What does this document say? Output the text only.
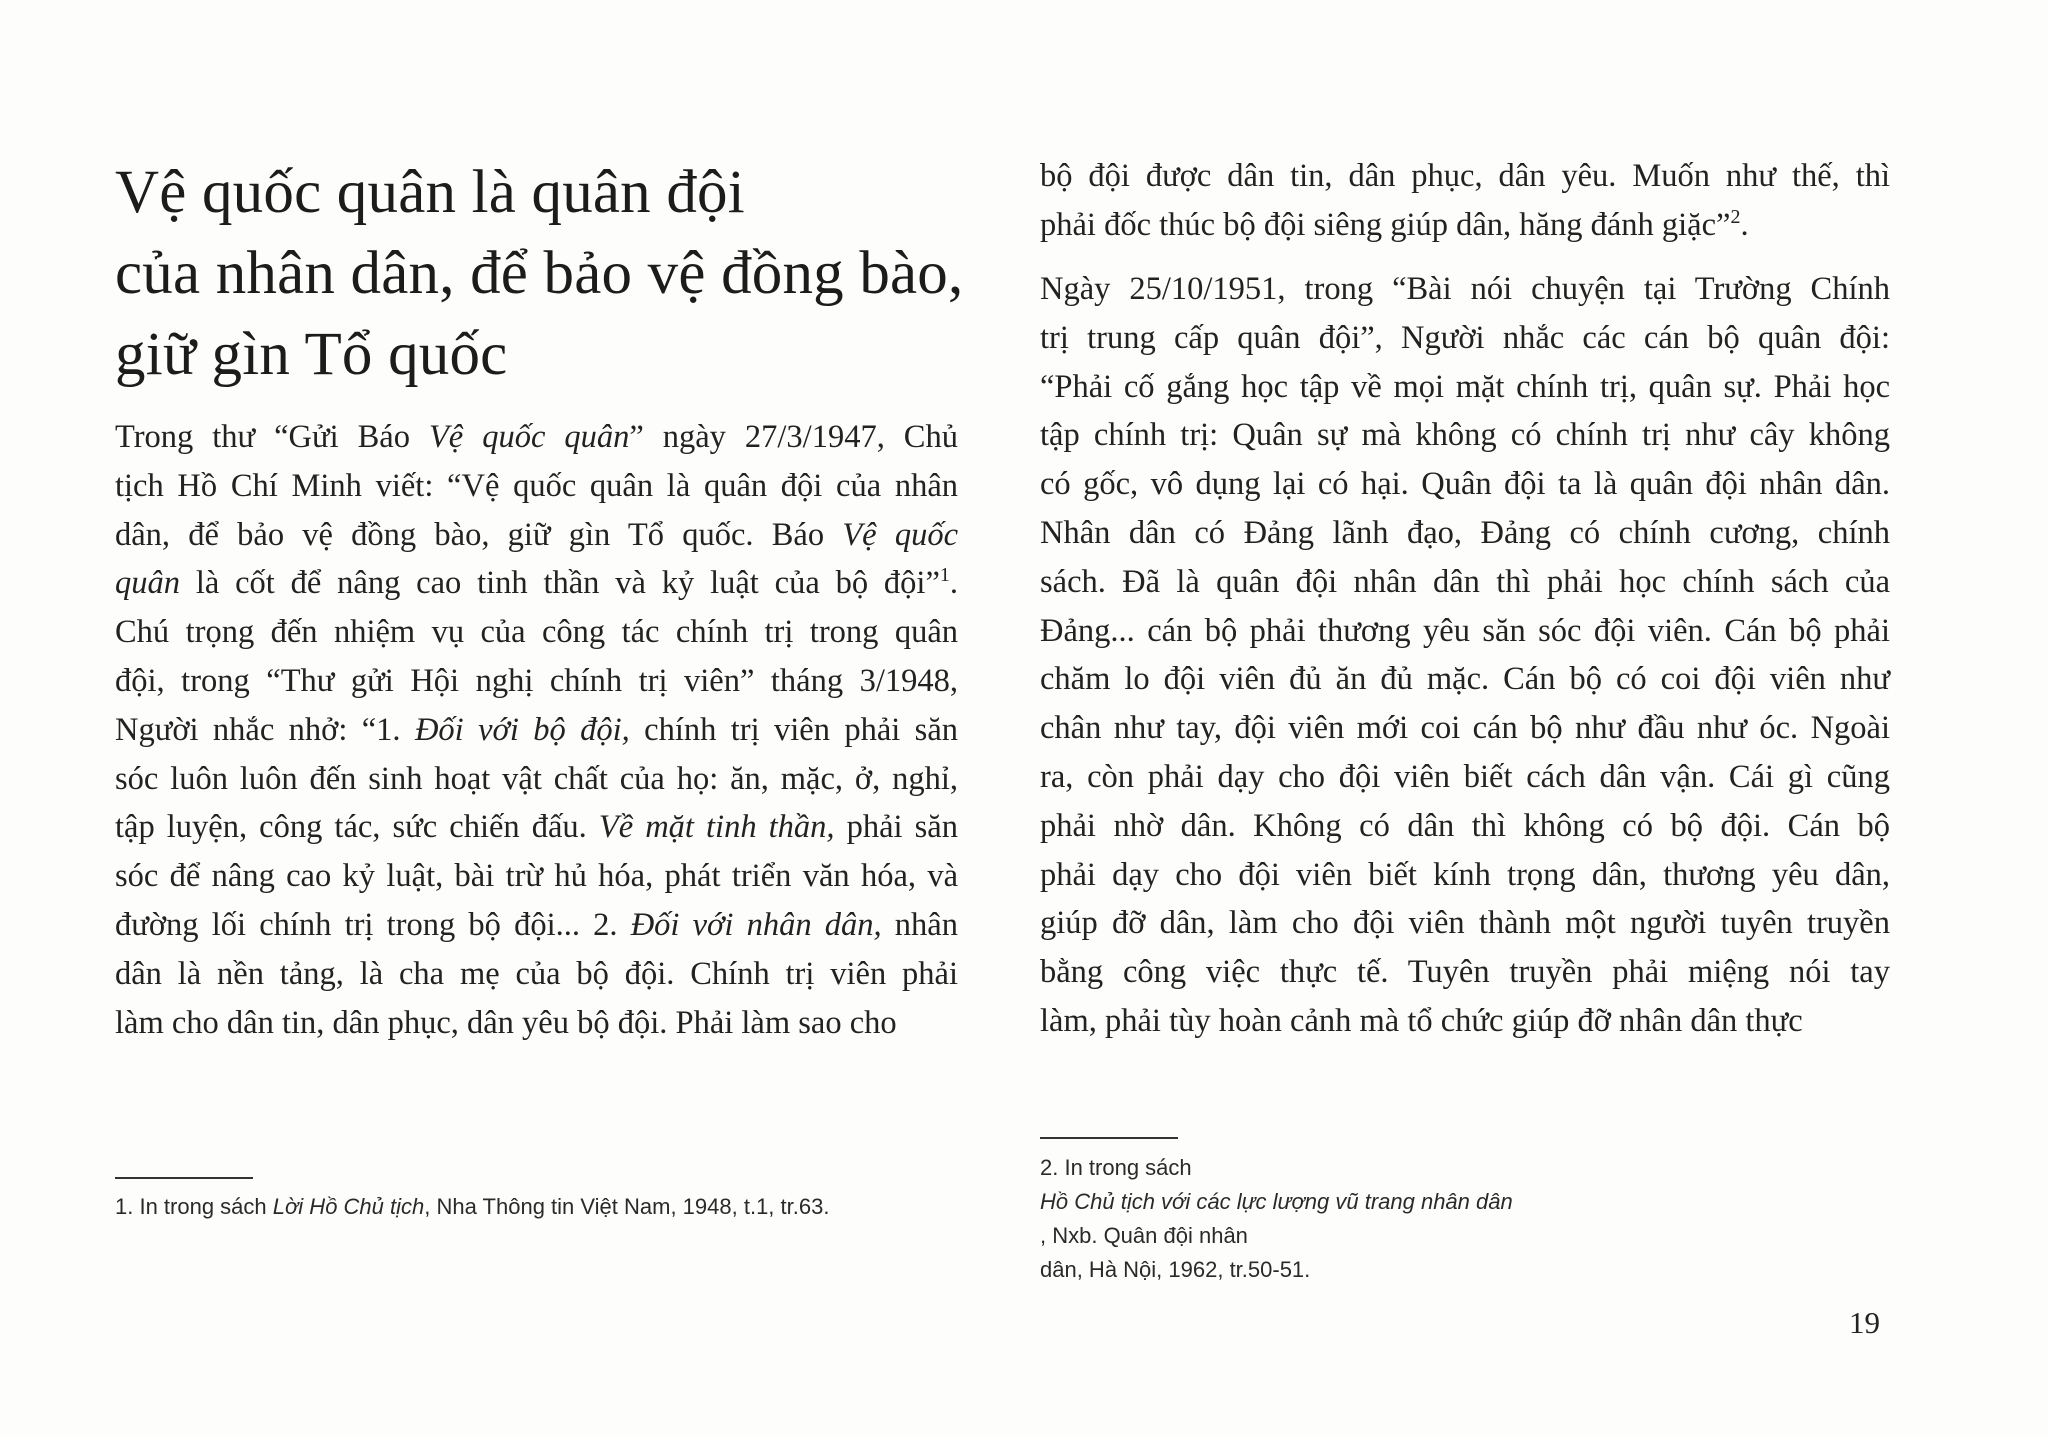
Vệ quốc quân là quân đội
của nhân dân, để bảo vệ đồng bào,
giữ gìn Tổ quốc
Trong thư “Gửi Báo Vệ quốc quân” ngày 27/3/1947, Chủ
tịch Hồ Chí Minh viết: “Vệ quốc quân là quân đội của nhân
dân, để bảo vệ đồng bào, giữ gìn Tổ quốc. Báo Vệ quốc
quân là cốt để nâng cao tinh thần và kỷ luật của bộ đội”$^1$.
Chú trọng đến nhiệm vụ của công tác chính trị trong quân
đội, trong “Thư gửi Hội nghị chính trị viên” tháng 3/1948,
Người nhắc nhở: “1. Đối với bộ đội, chính trị viên phải săn
sóc luôn luôn đến sinh hoạt vật chất của họ: ăn, mặc, ở, nghỉ,
tập luyện, công tác, sức chiến đấu. Về mặt tinh thần, phải săn
sóc để nâng cao kỷ luật, bài trừ hủ hóa, phát triển văn hóa, và
đường lối chính trị trong bộ đội... 2. Đối với nhân dân, nhân
dân là nền tảng, là cha mẹ của bộ đội. Chính trị viên phải
làm cho dân tin, dân phục, dân yêu bộ đội. Phải làm sao cho
1. In trong sách Lời Hồ Chủ tịch, Nha Thông tin Việt Nam, 1948, t.1, tr.63.
bộ đội được dân tin, dân phục, dân yêu. Muốn như thế, thì
phải đốc thúc bộ đội siêng giúp dân, hăng đánh giặc”$^2$.
Ngày 25/10/1951, trong “Bài nói chuyện tại Trường Chính
trị trung cấp quân đội”, Người nhắc các cán bộ quân đội:
“Phải cố gắng học tập về mọi mặt chính trị, quân sự. Phải học
tập chính trị: Quân sự mà không có chính trị như cây không
có gốc, vô dụng lại có hại. Quân đội ta là quân đội nhân dân.
Nhân dân có Đảng lãnh đạo, Đảng có chính cương, chính
sách. Đã là quân đội nhân dân thì phải học chính sách của
Đảng... cán bộ phải thương yêu săn sóc đội viên. Cán bộ phải
chăm lo đội viên đủ ăn đủ mặc. Cán bộ có coi đội viên như
chân như tay, đội viên mới coi cán bộ như đầu như óc. Ngoài
ra, còn phải dạy cho đội viên biết cách dân vận. Cái gì cũng
phải nhờ dân. Không có dân thì không có bộ đội. Cán bộ
phải dạy cho đội viên biết kính trọng dân, thương yêu dân,
giúp đỡ dân, làm cho đội viên thành một người tuyên truyền
bằng công việc thực tế. Tuyên truyền phải miệng nói tay
làm, phải tùy hoàn cảnh mà tổ chức giúp đỡ nhân dân thực
2. In trong sách
Hồ Chủ tịch với các lực lượng vũ trang nhân dân
, Nxb. Quân đội nhân
dân, Hà Nội, 1962, tr.50-51.
19
